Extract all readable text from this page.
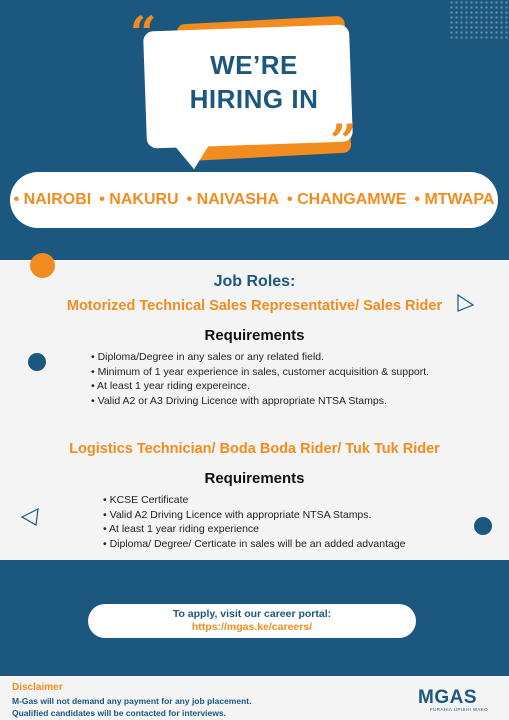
“
”
WE’RE HIRING IN
• NAIROBI	• NAKURU	• NAIVASHA	• CHANGAMWE	• MTWAPA
Job Roles:
Motorized Technical Sales Representative/ Sales Rider
Requirements
• Diploma/Degree in any sales or any related field.
• Minimum of 1 year experience in sales, customer acquisition & support.
• At least 1 year riding expereince.
• Valid A2 or A3 Driving Licence with appropriate NTSA Stamps.
Logistics Technician/ Boda Boda Rider/ Tuk Tuk Rider
Requirements
• KCSE Certificate
• Valid A2 Driving Licence with appropriate NTSA Stamps.
• At least 1 year riding experience
• Diploma/ Degree/ Certicate in sales will be an added advantage
To apply, visit our career portal:
https://mgas.ke/careers/
Disclaimer
M-Gas will not demand any payment for any job placement.
Qualified candidates will be contacted for interviews.
MGAS
FURAHIA UPISHI WAKO
